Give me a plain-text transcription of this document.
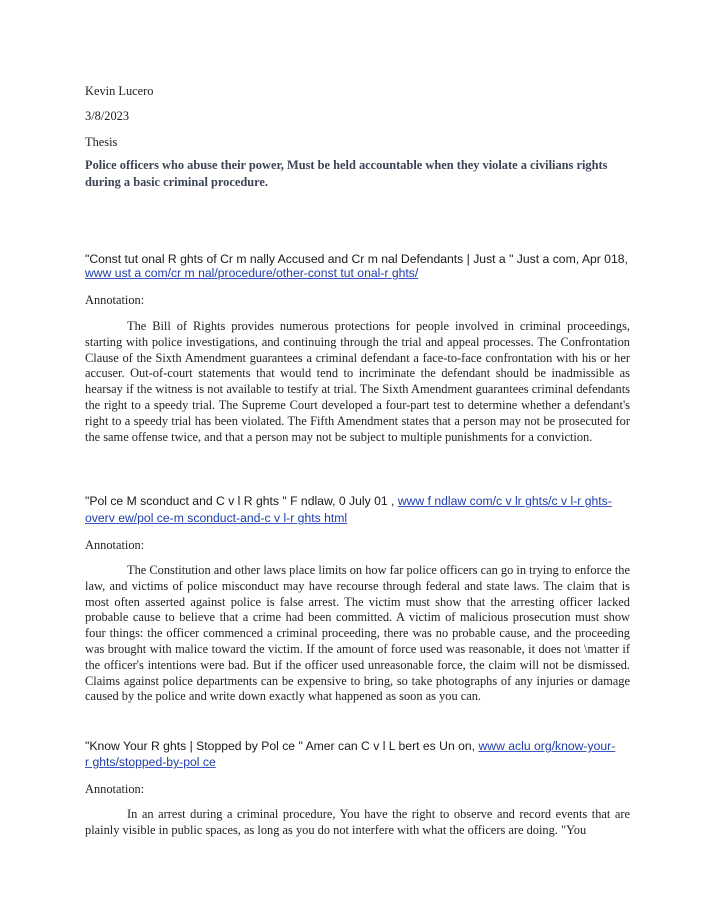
Kevin Lucero
3/8/2023
Thesis
Police officers who abuse their power, Must be held accountable when they violate a civilians rights during a basic criminal procedure.
"Const tut onal R ghts of Cr m nally Accused and Cr m nal Defendants | Just a " Just a com, Apr 018,
www ust a com/cr m nal/procedure/other-const tut onal-r ghts/
Annotation:
The Bill of Rights provides numerous protections for people involved in criminal proceedings, starting with police investigations, and continuing through the trial and appeal processes. The Confrontation Clause of the Sixth Amendment guarantees a criminal defendant a face-to-face confrontation with his or her accuser. Out-of-court statements that would tend to incriminate the defendant should be inadmissible as hearsay if the witness is not available to testify at trial. The Sixth Amendment guarantees criminal defendants the right to a speedy trial. The Supreme Court developed a four-part test to determine whether a defendant's right to a speedy trial has been violated. The Fifth Amendment states that a person may not be prosecuted for the same offense twice, and that a person may not be subject to multiple punishments for a conviction.
"Pol ce M sconduct and C v l R ghts " F ndlaw, 0 July 01 , www f ndlaw com/c v lr ghts/c v l-r ghts-
overv ew/pol ce-m sconduct-and-c v l-r ghts html
Annotation:
The Constitution and other laws place limits on how far police officers can go in trying to enforce the law, and victims of police misconduct may have recourse through federal and state laws. The claim that is most often asserted against police is false arrest. The victim must show that the arresting officer lacked probable cause to believe that a crime had been committed. A victim of malicious prosecution must show four things: the officer commenced a criminal proceeding, there was no probable cause, and the proceeding was brought with malice toward the victim. If the amount of force used was reasonable, it does not \matter if the officer's intentions were bad. But if the officer used unreasonable force, the claim will not be dismissed. Claims against police departments can be expensive to bring, so take photographs of any injuries or damage caused by the police and write down exactly what happened as soon as you can.
"Know Your R ghts | Stopped by Pol ce " Amer can C v l L bert es Un on, www aclu org/know-your-
r ghts/stopped-by-pol ce
Annotation:
In an arrest during a criminal procedure, You have the right to observe and record events that are plainly visible in public spaces, as long as you do not interfere with what the officers are doing. "You
